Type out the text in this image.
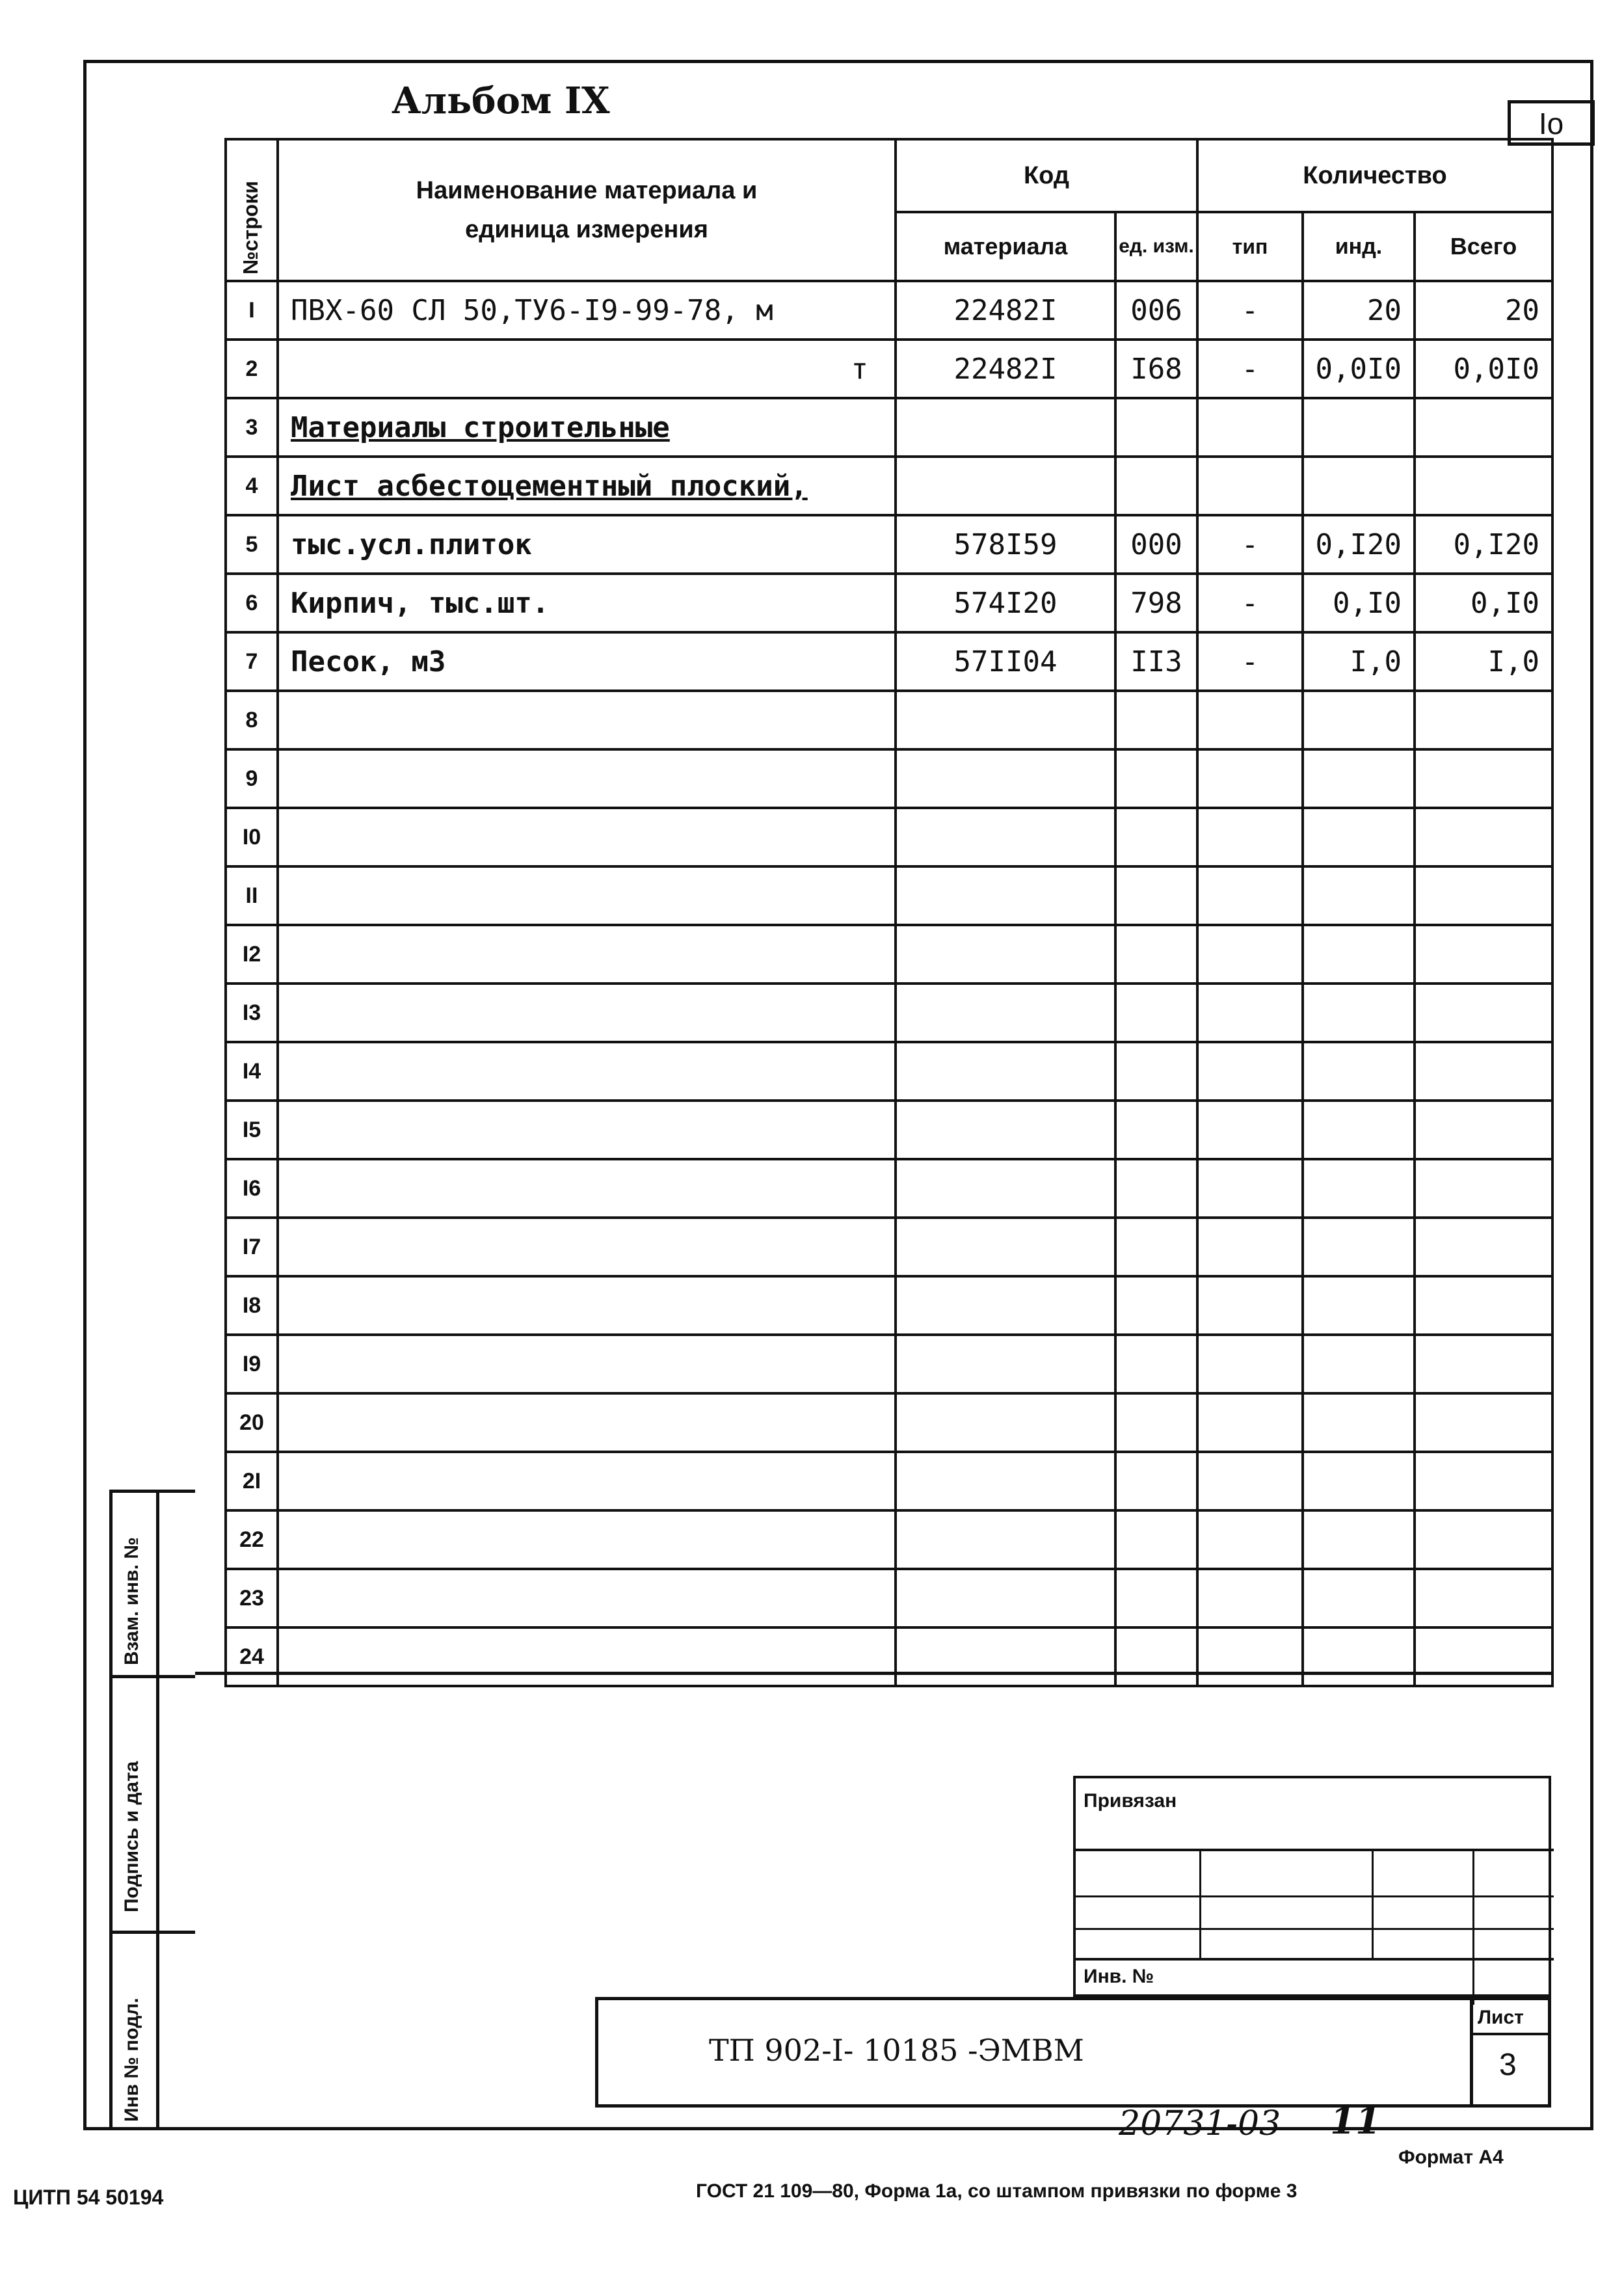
Альбом IX
Io
№строки	Наименование материала и единица измерения	Код		Количество		
		материала	ед. изм.	тип	инд.	Всего
I	ПВХ-60 СЛ 50,ТУ6-I9-99-78, м	22482I	006	-	20	20
2	т	22482I	I68	-	0,0I0	0,0I0
3	Материалы строительные					
4	Лист асбестоцементный плоский,					
5	тыс.усл.плиток	578I59	000	-	0,I20	0,I20
6	Кирпич, тыс.шт.	574I20	798	-	0,I0	0,I0
7	Песок, м3	57II04	II3	-	I,0	I,0
8						
9						
I0						
II						
I2						
I3						
I4						
I5						
I6						
I7						
I8						
I9						
20						
2I						
22						
23						
24						
Взам. инв. №
Подпись и дата
Инв № подл.
Привязан
Инв. №
ТП 902-I- 10185 -ЭМВМ
Лист
3
20731-03 11
Формат А4
ЦИТП 54 50194	ГОСТ 21 109—80, Форма 1а, со штампом привязки по форме 3
